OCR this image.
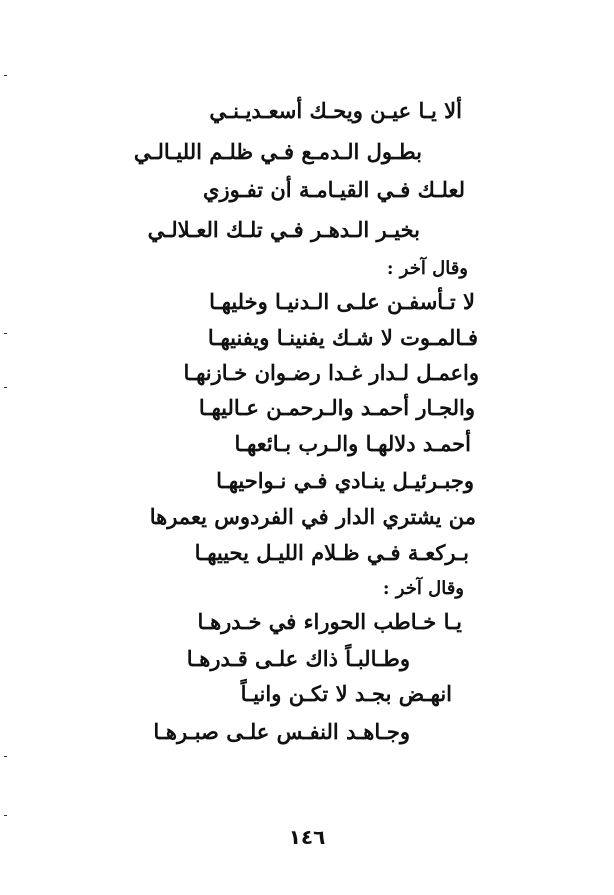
ألا يـا عيـن ويحـك أسعـديـنـي
بطـول الـدمـع فـي ظلـم الليـالـي
لعلـك فـي القيـامـة أن تفـوزي
بخيـر الـدهـر فـي تلـك العـلالـي
وقال آخر :
لا تـأسفـن علـى الـدنيـا وخليهـا
فـالمـوت لا شـك يفنينـا ويفنيهـا
واعمـل لـدار غـدا رضـوان خـازنهـا
والجـار أحمـد والـرحمـن عـاليهـا
أحمـد دلالهـا والـرب بـائعهـا
وجبـرئيـل ينـادي فـي نـواحيهـا
من يشتري الدار في الفردوس يعمرها
بـركعـة فـي ظـلام الليـل يحييهـا
وقال آخر :
يـا خـاطب الحوراء في خـدرهـا
وطـالبـاً ذاك علـى قـدرهـا
انهـض بجـد لا تكـن وانيـاً
وجـاهـد النفـس علـى صبـرهـا
١٤٦
